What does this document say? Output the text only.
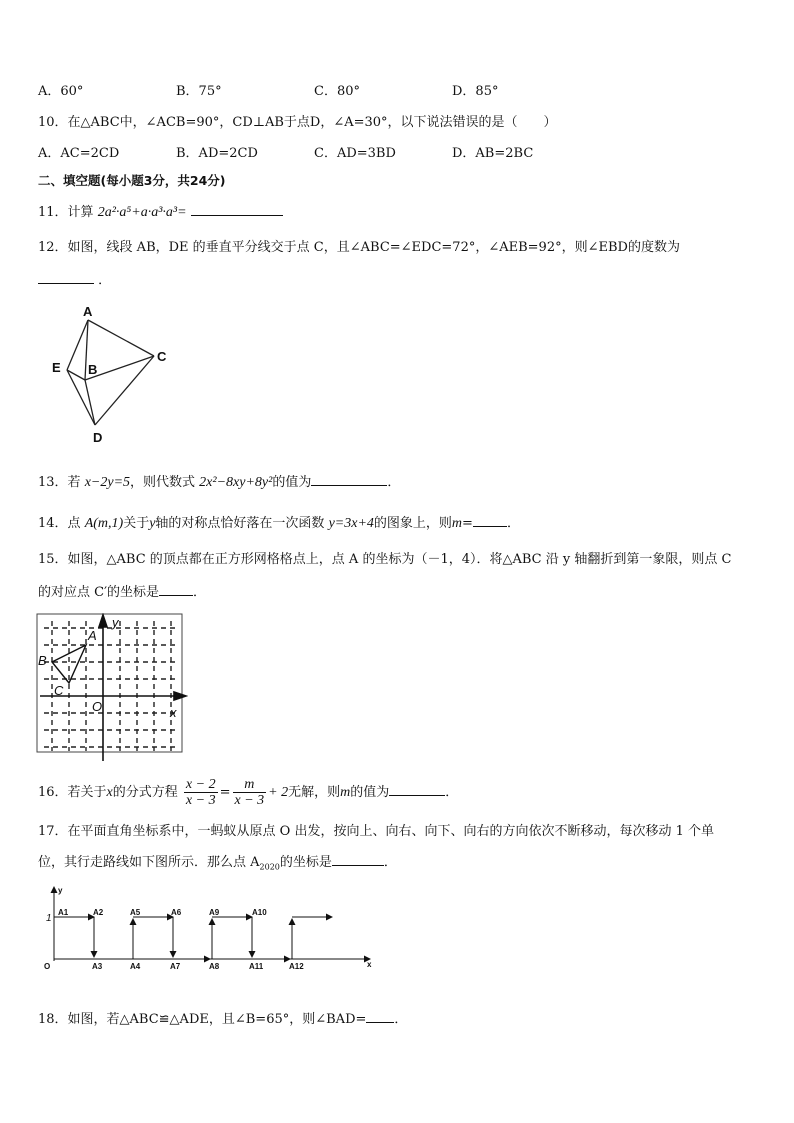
A．60°	B．75°	C．80°	D．85°
10．在△ABC中，∠ACB=90°，CD⊥AB于点D，∠A=30°，以下说法错误的是（　　）
A．AC=2CD	B．AD=2CD	C．AD=3BD	D．AB=2BC
二、填空题(每小题3分，共24分)
11．计算 2a²·a⁵+a·a³·a³=
12．如图，线段 AB，DE 的垂直平分线交于点 C，且∠ABC=∠EDC=72°，∠AEB=92°，则∠EBD的度数为
．
A
B
C
D
E
13．若 x−2y=5，则代数式 2x²−8xy+8y²的值为	．
14．点 A(m,1)关于y轴的对称点恰好落在一次函数 y=3x+4的图象上，则m=	．
15．如图，△ABC 的顶点都在正方形网格格点上，点 A 的坐标为（－1，4）．将△ABC 沿 y 轴翻折到第一象限，则点 C
的对应点 C′的坐标是	．
A
B
C
O	x
y
16．若关于x的分式方程 $\frac{x - 2}{x - 3} = \frac{m}{x - 3} + 2$无解，则m的值为	．
17．在平面直角坐标系中，一蚂蚁从原点 O 出发，按向上、向右、向下、向右的方向依次不断移动，每次移动 1 个单
位，其行走路线如下图所示．那么点 $A_{2020}$的坐标是	．
A1	A2	A5	A6	A9	A10
A3	A4	A7	A8	A11	A12
O
y
x
1
18．如图，若△ABC≌△ADE，且∠B=65°，则∠BAD= ．
